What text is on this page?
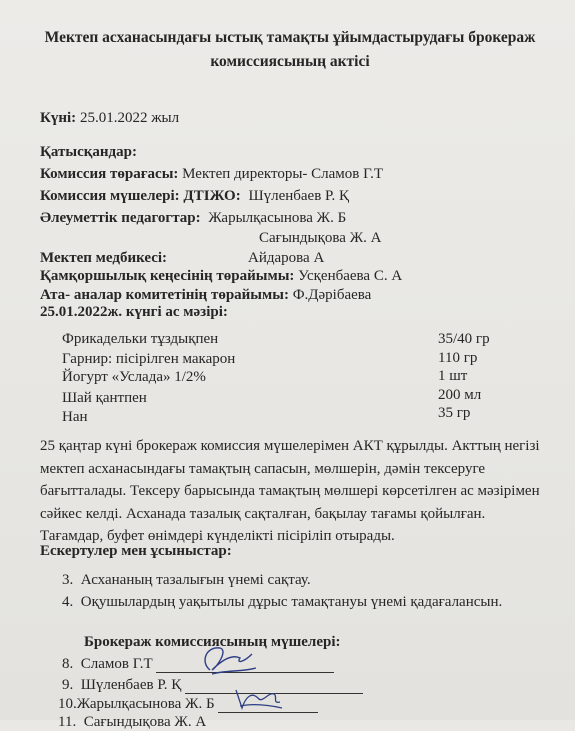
Мектеп асханасындағы ыстық тамақты ұйымдастырудағы брокераж
комиссиясының актісі
Күні: 25.01.2022 жыл
Қатысқандар:
Комиссия төрағасы: Мектеп директоры- Сламов Г.Т
Комиссия мүшелері: ДТІЖО: Шүленбаев Р. Қ
Әлеуметтік педагогтар: Жарылқасынова Ж. Б
Сағындықова Ж. А
Мектеп медбикесі:	Айдарова А
Қамқоршылық кеңесінің төрайымы: Усқенбаева С. А
Ата- аналар комитетінің төрайымы: Ф.Дәрібаева
25.01.2022ж. күнгі ас мәзірі:
Фрикадельки тұздықпен	35/40 гр
Гарнир: пісірілген макарон	110 гр
Йогурт «Услада» 1/2%	1 шт
Шай қантпен	200 мл
Нан	35 гр
25 қаңтар күні брокераж комиссия мүшелерімен АКТ құрылды. Акттың негізі
мектеп асханасындағы тамақтың сапасын, мөлшерін, дәмін тексеруге
бағытталады. Тексеру барысында тамақтың мөлшері көрсетілген ас мәзірімен
сәйкес келді. Асханада тазалық сақталған, бақылау тағамы қойылған.
Тағамдар, буфет өнімдері күнделікті пісіріліп отырады.
Ескертулер мен ұсыныстар:
3. Асхананың тазалығын үнемі сақтау.
4. Оқушылардың уақытылы дұрыс тамақтануы үнемі қадағалансын.
Брокераж комиссиясының мүшелері:
8. Сламов Г.Т
9. Шүленбаев Р. Қ
10.Жарылқасынова Ж. Б
11. Сағындықова Ж. А
